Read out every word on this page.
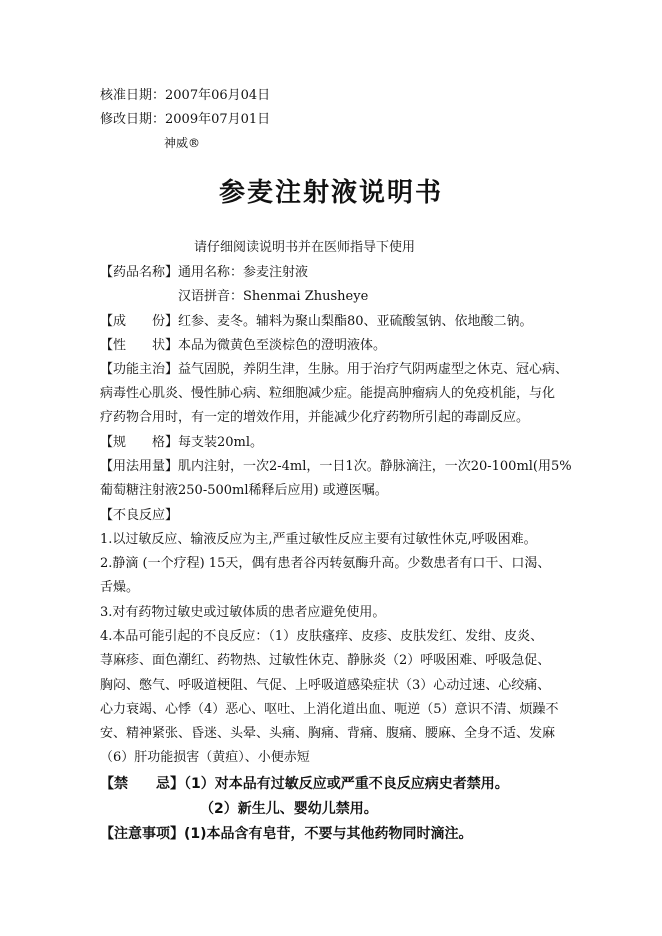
核准日期：2007年06月04日
修改日期：2009年07月01日
神威®
参麦注射液说明书
请仔细阅读说明书并在医师指导下使用
【药品名称】通用名称：参麦注射液
汉语拼音：Shenmai Zhusheye
【成　　份】红参、麦冬。辅料为聚山梨酯80、亚硫酸氢钠、依地酸二钠。
【性　　状】本品为微黄色至淡棕色的澄明液体。
【功能主治】益气固脱，养阴生津，生脉。用于治疗气阴两虚型之休克、冠心病、
病毒性心肌炎、慢性肺心病、粒细胞减少症。能提高肿瘤病人的免疫机能，与化
疗药物合用时，有一定的增效作用，并能减少化疗药物所引起的毒副反应。
【规　　格】每支装20ml。
【用法用量】肌内注射，一次2-4ml，一日1次。静脉滴注，一次20-100ml(用5%
葡萄糖注射液250-500ml稀释后应用) 或遵医嘱。
【不良反应】
1.以过敏反应、输液反应为主,严重过敏性反应主要有过敏性休克,呼吸困难。
2.静滴 (一个疗程) 15天，偶有患者谷丙转氨酶升高。少数患者有口干、口渴、
舌燥。
3.对有药物过敏史或过敏体质的患者应避免使用。
4.本品可能引起的不良反应：（1）皮肤瘙痒、皮疹、皮肤发红、发绀、皮炎、
荨麻疹、面色潮红、药物热、过敏性休克、静脉炎（2）呼吸困难、呼吸急促、
胸闷、憋气、呼吸道梗阻、气促、上呼吸道感染症状（3）心动过速、心绞痛、
心力衰竭、心悸（4）恶心、呕吐、上消化道出血、呃逆（5）意识不清、烦躁不
安、精神紧张、昏迷、头晕、头痛、胸痛、背痛、腹痛、腰麻、全身不适、发麻
（6）肝功能损害（黄疸）、小便赤短
【禁　　忌】（1）对本品有过敏反应或严重不良反应病史者禁用。
（2）新生儿、婴幼儿禁用。
【注意事项】(1)本品含有皂苷，不要与其他药物同时滴注。
